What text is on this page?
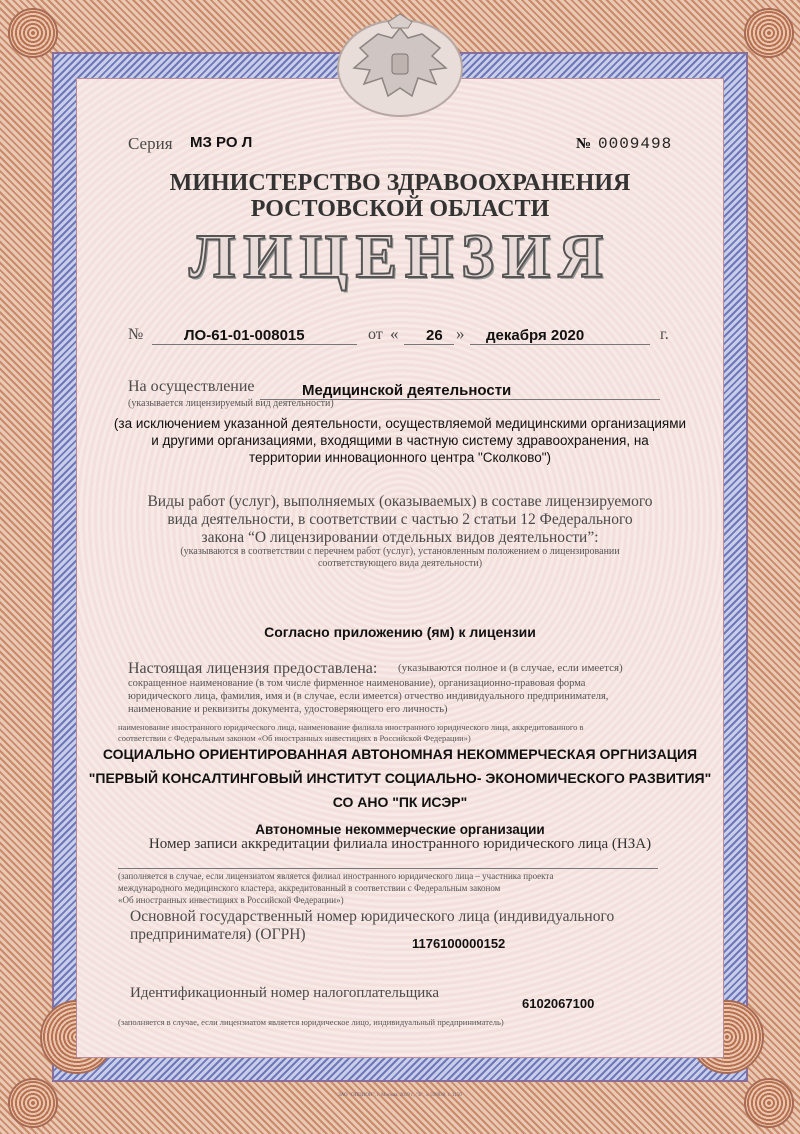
Серия МЗ РО Л	№ 0009498
МИНИСТЕРСТВО ЗДРАВООХРАНЕНИЯ
РОСТОВСКОЙ ОБЛАСТИ
ЛИЦЕНЗИЯ
№	ЛО-61-01-008015	от « 26 » декабря 2020	г.
На осуществление	Медицинской деятельности
(указывается лицензируемый вид деятельности)
(за исключением указанной деятельности, осуществляемой медицинскими организациями
и другими организациями, входящими в частную систему здравоохранения, на
территории инновационного центра "Сколково")
Виды работ (услуг), выполняемых (оказываемых) в составе лицензируемого
вида деятельности, в соответствии с частью 2 статьи 12 Федерального
закона “О лицензировании отдельных видов деятельности”:
(указываются в соответствии с перечнем работ (услуг), установленным положением о лицензировании
соответствующего вида деятельности)
Согласно приложению (ям) к лицензии
Настоящая лицензия предоставлена: (указываются полное и (в случае, если имеется)
сокращенное наименование (в том числе фирменное наименование), организационно-правовая форма
юридического лица, фамилия, имя и (в случае, если имеется) отчество индивидуального предпринимателя,
наименование и реквизиты документа, удостоверяющего его личность)
наименование иностранного юридического лица, наименование филиала иностранного юридического лица, аккредитованного в
соответствии с Федеральным законом «Об иностранных инвестициях в Российской Федерации»)
СОЦИАЛЬНО ОРИЕНТИРОВАННАЯ АВТОНОМНАЯ НЕКОММЕРЧЕСКАЯ ОРГНИЗАЦИЯ
"ПЕРВЫЙ КОНСАЛТИНГОВЫЙ ИНСТИТУТ СОЦИАЛЬНО- ЭКОНОМИЧЕСКОГО РАЗВИТИЯ"
СО АНО "ПК ИСЭР"
Автономные некоммерческие организации
Номер записи аккредитации филиала иностранного юридического лица (НЗА)
(заполняется в случае, если лицензиатом является филиал иностранного юридического лица – участника проекта
международного медицинского кластера, аккредитованный в соответствии с Федеральным законом
«Об иностранных инвестициях в Российской Федерации»)
Основной государственный номер юридического лица (индивидуального
предпринимателя) (ОГРН)
1176100000152
Идентификационный номер налогоплательщика
6102067100
(заполняется в случае, если лицензиатом является юридическое лицо, индивидуальный предприниматель)
ЗАО "ОПЦИОН", г. Москва, 2019 г., "Б", з. 598830, т. 1150
